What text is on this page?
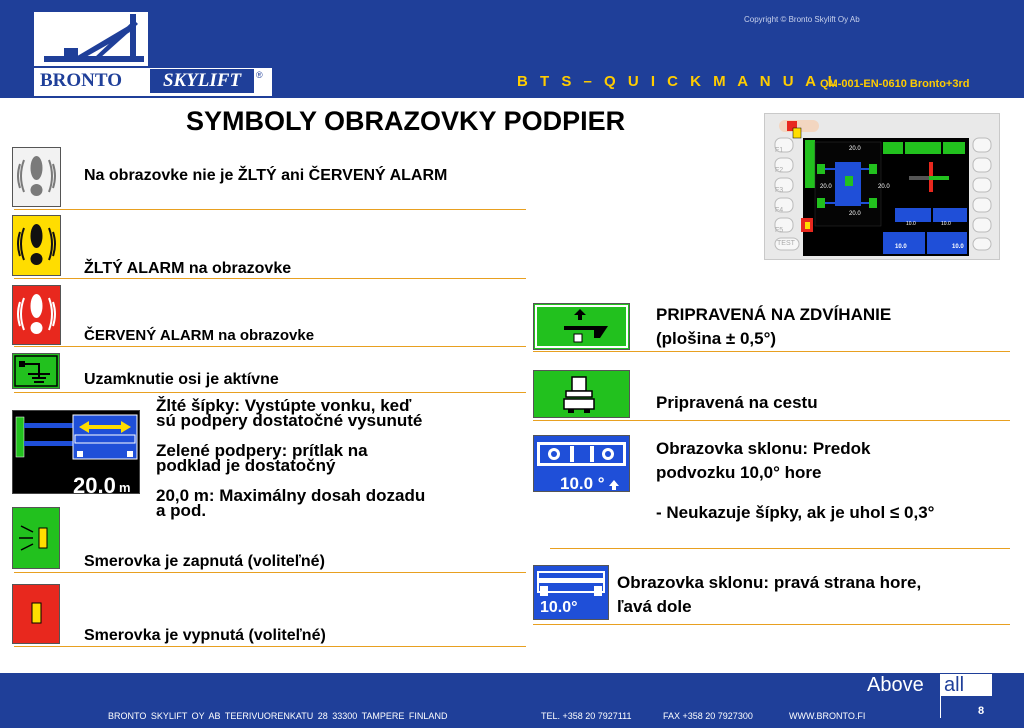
BRONTO	SKYLIFT	®
Copyright © Bronto Skylift Oy Ab
B T S – Q U I C K M A N U A L
QM-001-EN-0610 Bronto+3rd
SYMBOLY OBRAZOVKY PODPIER
Na obrazovke nie je ŽLTÝ ani ČERVENÝ ALARM
ŽLTÝ ALARM na obrazovke
ČERVENÝ ALARM na obrazovke
Uzamknutie osi je aktívne
20.0 m
Žlté šípky: Vystúpte vonku, keď
sú podpery dostatočné vysunuté
Zelené podpery: prítlak na
podklad je dostatočný
20,0 m: Maximálny dosah dozadu
a pod.
Smerovka je zapnutá (voliteľné)
Smerovka je vypnutá (voliteľné)
F1
F2
F3
F4
F5
TEST
20.0
20.0	20.0
20.0
10.0	10.0
10.0	10.0
PRIPRAVENÁ NA ZDVÍHANIE
(plošina ± 0,5°)
Pripravená na cestu
10.0 °
Obrazovka sklonu: Predok
podvozku 10,0° hore
- Neukazuje šípky, ak je uhol ≤ 0,3°
10.0°
Obrazovka sklonu: pravá strana hore,
ľavá dole
Above	all
8
BRONTO SKYLIFT OY AB TEERIVUORENKATU 28 33300 TAMPERE FINLAND	TEL. +358 20 7927111	FAX +358 20 7927300	WWW.BRONTO.FI
